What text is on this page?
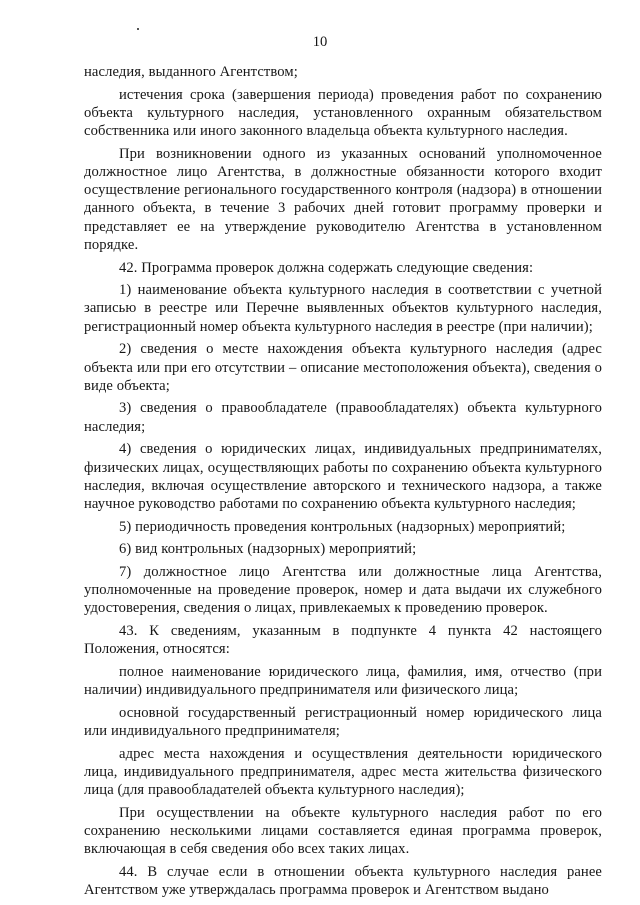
10

наследия, выданного Агентством;

истечения срока (завершения периода) проведения работ по сохранению объекта культурного наследия, установленного охранным обязательством собственника или иного законного владельца объекта культурного наследия.

При возникновении одного из указанных оснований уполномоченное должностное лицо Агентства, в должностные обязанности которого входит осуществление регионального государственного контроля (надзора) в отношении данного объекта, в течение 3 рабочих дней готовит программу проверки и представляет ее на утверждение руководителю Агентства в установленном порядке.

42. Программа проверок должна содержать следующие сведения:

1) наименование объекта культурного наследия в соответствии с учетной записью в реестре или Перечне выявленных объектов культурного наследия, регистрационный номер объекта культурного наследия в реестре (при наличии);

2) сведения о месте нахождения объекта культурного наследия (адрес объекта или при его отсутствии – описание местоположения объекта), сведения о виде объекта;

3) сведения о правообладателе (правообладателях) объекта культурного наследия;

4) сведения о юридических лицах, индивидуальных предпринимателях, физических лицах, осуществляющих работы по сохранению объекта культурного наследия, включая осуществление авторского и технического надзора, а также научное руководство работами по сохранению объекта культурного наследия;

5) периодичность проведения контрольных (надзорных) мероприятий;

6) вид контрольных (надзорных) мероприятий;

7) должностное лицо Агентства или должностные лица Агентства, уполномоченные на проведение проверок, номер и дата выдачи их служебного удостоверения, сведения о лицах, привлекаемых к проведению проверок.

43. К сведениям, указанным в подпункте 4 пункта 42 настоящего Положения, относятся:

полное наименование юридического лица, фамилия, имя, отчество (при наличии) индивидуального предпринимателя или физического лица;

основной государственный регистрационный номер юридического лица или индивидуального предпринимателя;

адрес места нахождения и осуществления деятельности юридического лица, индивидуального предпринимателя, адрес места жительства физического лица (для правообладателей объекта культурного наследия);

При осуществлении на объекте культурного наследия работ по его сохранению несколькими лицами составляется единая программа проверок, включающая в себя сведения обо всех таких лицах.

44. В случае если в отношении объекта культурного наследия ранее Агентством уже утверждалась программа проверок и Агентством выдано
